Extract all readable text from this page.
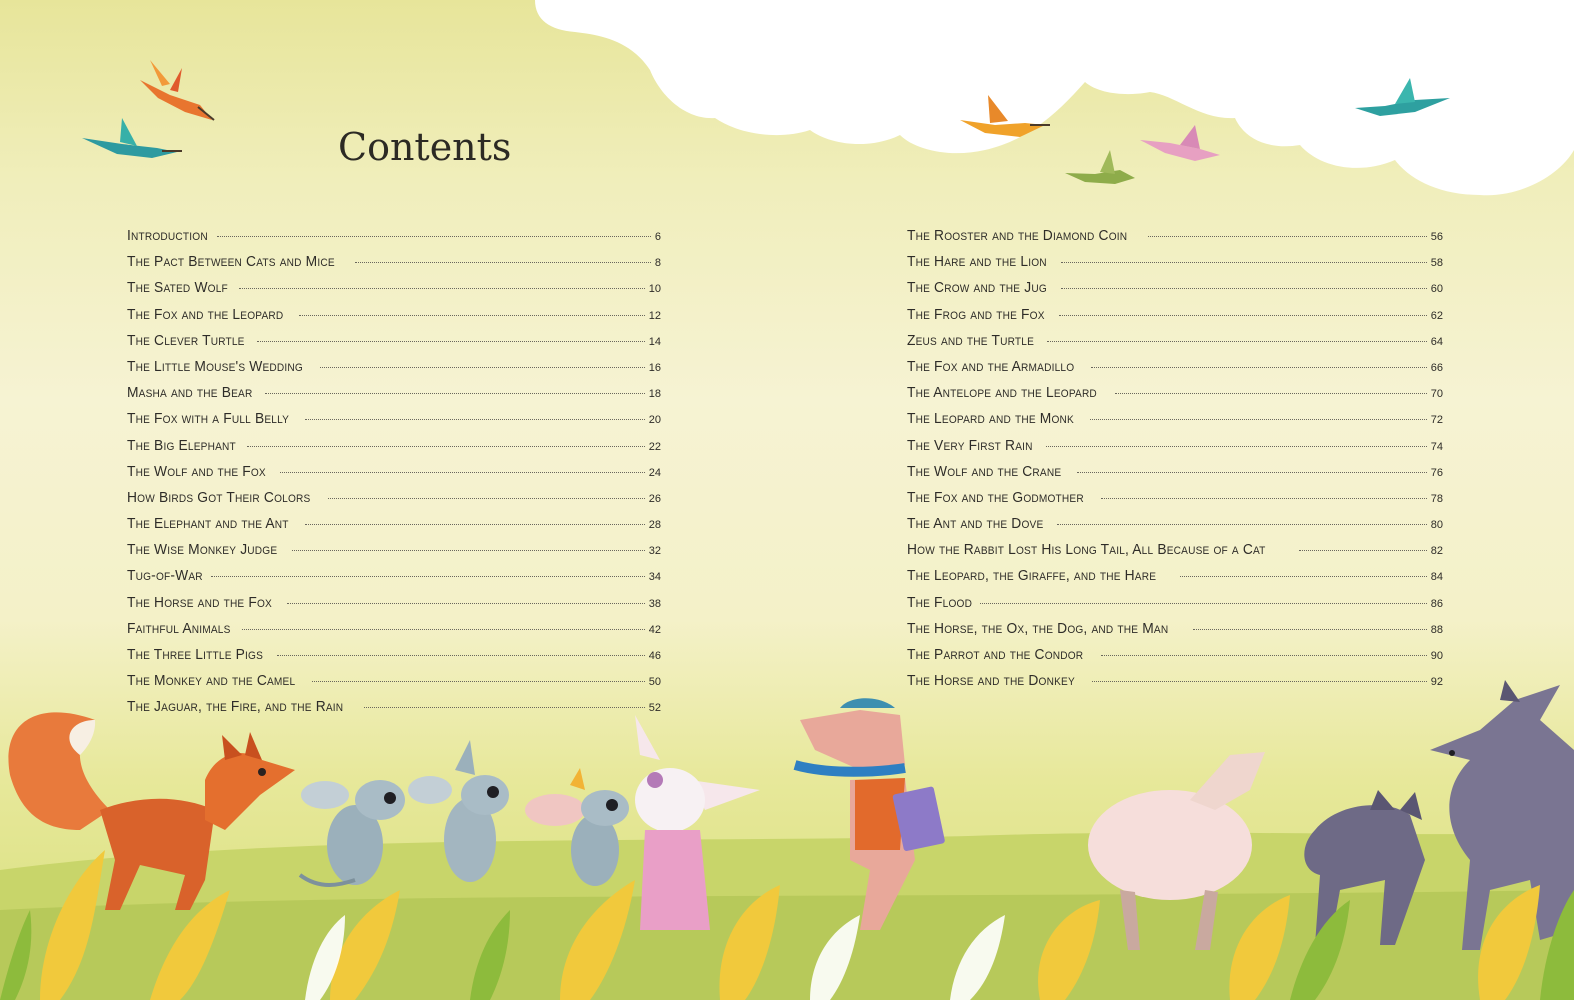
Contents
Introduction	6
The Pact Between Cats and Mice	8
The Sated Wolf	10
The Fox and the Leopard	12
The Clever Turtle	14
The Little Mouse's Wedding	16
Masha and the Bear	18
The Fox with a Full Belly	20
The Big Elephant	22
The Wolf and the Fox	24
How Birds Got Their Colors	26
The Elephant and the Ant	28
The Wise Monkey Judge	32
Tug-of-War	34
The Horse and the Fox	38
Faithful Animals	42
The Three Little Pigs	46
The Monkey and the Camel	50
The Jaguar, the Fire, and the Rain	52
The Rooster and the Diamond Coin	56
The Hare and the Lion	58
The Crow and the Jug	60
The Frog and the Fox	62
Zeus and the Turtle	64
The Fox and the Armadillo	66
The Antelope and the Leopard	70
The Leopard and the Monk	72
The Very First Rain	74
The Wolf and the Crane	76
The Fox and the Godmother	78
The Ant and the Dove	80
How the Rabbit Lost His Long Tail, All Because of a Cat	82
The Leopard, the Giraffe, and the Hare	84
The Flood	86
The Horse, the Ox, the Dog, and the Man	88
The Parrot and the Condor	90
The Horse and the Donkey	92
